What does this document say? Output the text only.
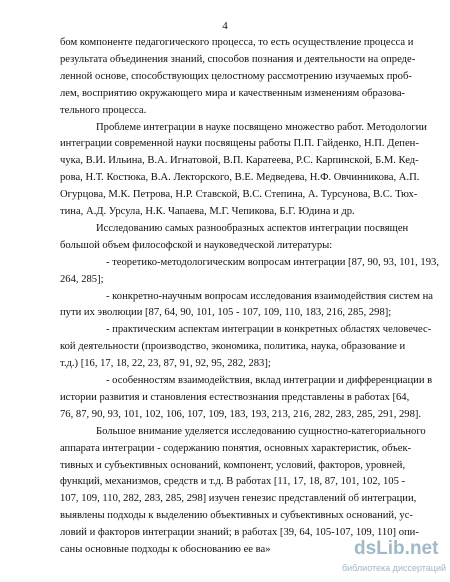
4
бом компоненте педагогического процесса, то есть осуществление процесса и
результата объединения знаний, способов познания и деятельности на опреде-
ленной основе, способствующих целостному рассмотрению изучаемых проб-
лем, восприятию окружающего мира и качественным изменениям образова-
тельного процесса.
Проблеме интеграции в науке посвящено множество работ. Методологии
интеграции современной науки посвящены работы П.П. Гайденко, Н.П. Депен-
чука, В.И. Ильина, В.А. Игнатовой, В.П. Каратеева, Р.С. Карпинской, Б.М. Кед-
рова, Н.Т. Костюка, В.А. Лекторского, В.Е. Медведева, Н.Ф. Овчинникова, А.П.
Огурцова, М.К. Петрова, Н.Р. Ставской, В.С. Степина, А. Турсунова, В.С. Тюх-
тина, А.Д. Урсула, Н.К. Чапаева, М.Г. Чепикова, Б.Г. Юдина и др.
Исследованию самых разнообразных аспектов интеграции посвящен
большой объем философской и науковедческой литературы:
- теоретико-методологическим вопросам интеграции [87, 90, 93, 101, 193,
264, 285];
- конкретно-научным вопросам исследования взаимодействия систем на
пути их эволюции [87, 64, 90, 101, 105 - 107, 109, 110, 183, 216, 285, 298];
- практическим аспектам интеграции в конкретных областях человечес-
кой деятельности (производство, экономика, политика, наука, образование и
т.д.) [16, 17, 18, 22, 23, 87, 91, 92, 95, 282, 283];
- особенностям взаимодействия, вклад интеграции и дифференциации в
истории развития и становления естествознания представлены в работах [64,
76, 87, 90, 93, 101, 102, 106, 107, 109, 183, 193, 213, 216, 282, 283, 285, 291, 298].
Большое внимание уделяется исследованию сущностно-категориального
аппарата интеграции - содержанию понятия, основных характеристик, объек-
тивных и субъективных оснований, компонент, условий, факторов, уровней,
функций, механизмов, средств и т.д. В работах [11, 17, 18, 87, 101, 102, 105 -
107, 109, 110, 282, 283, 285, 298] изучен генезис представлений об интеграции,
выявлены подходы к выделению объективных и субъективных оснований, ус-
ловий и факторов интеграции знаний; в работах [39, 64, 105-107, 109, 110] опи-
саны основные подходы к обоснованию ее ва»	dsLib.net
библиотека диссертаций
